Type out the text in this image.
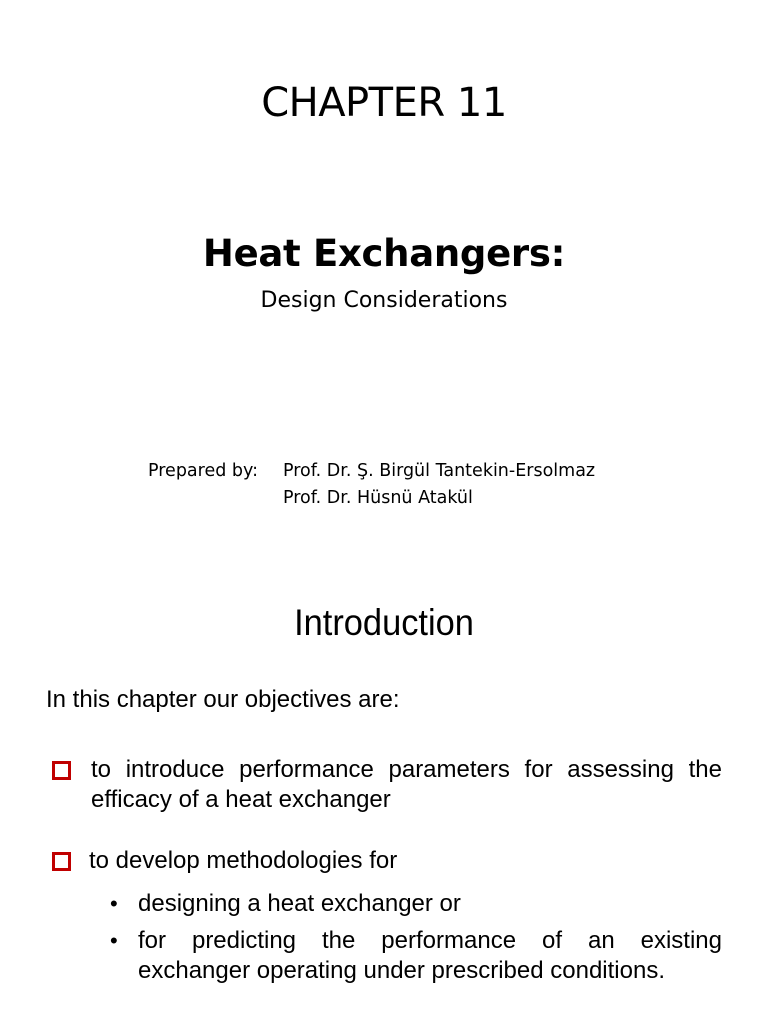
CHAPTER 11
Heat Exchangers:
Design Considerations
Prepared by:	Prof. Dr. Ş. Birgül Tantekin-Ersolmaz
Prof. Dr. Hüsnü Atakül
Introduction
In this chapter our objectives are:
to introduce performance parameters for assessing the efficacy of a heat exchanger
to develop methodologies for
• designing a heat exchanger or
• for predicting the performance of an existing exchanger operating under prescribed conditions.
